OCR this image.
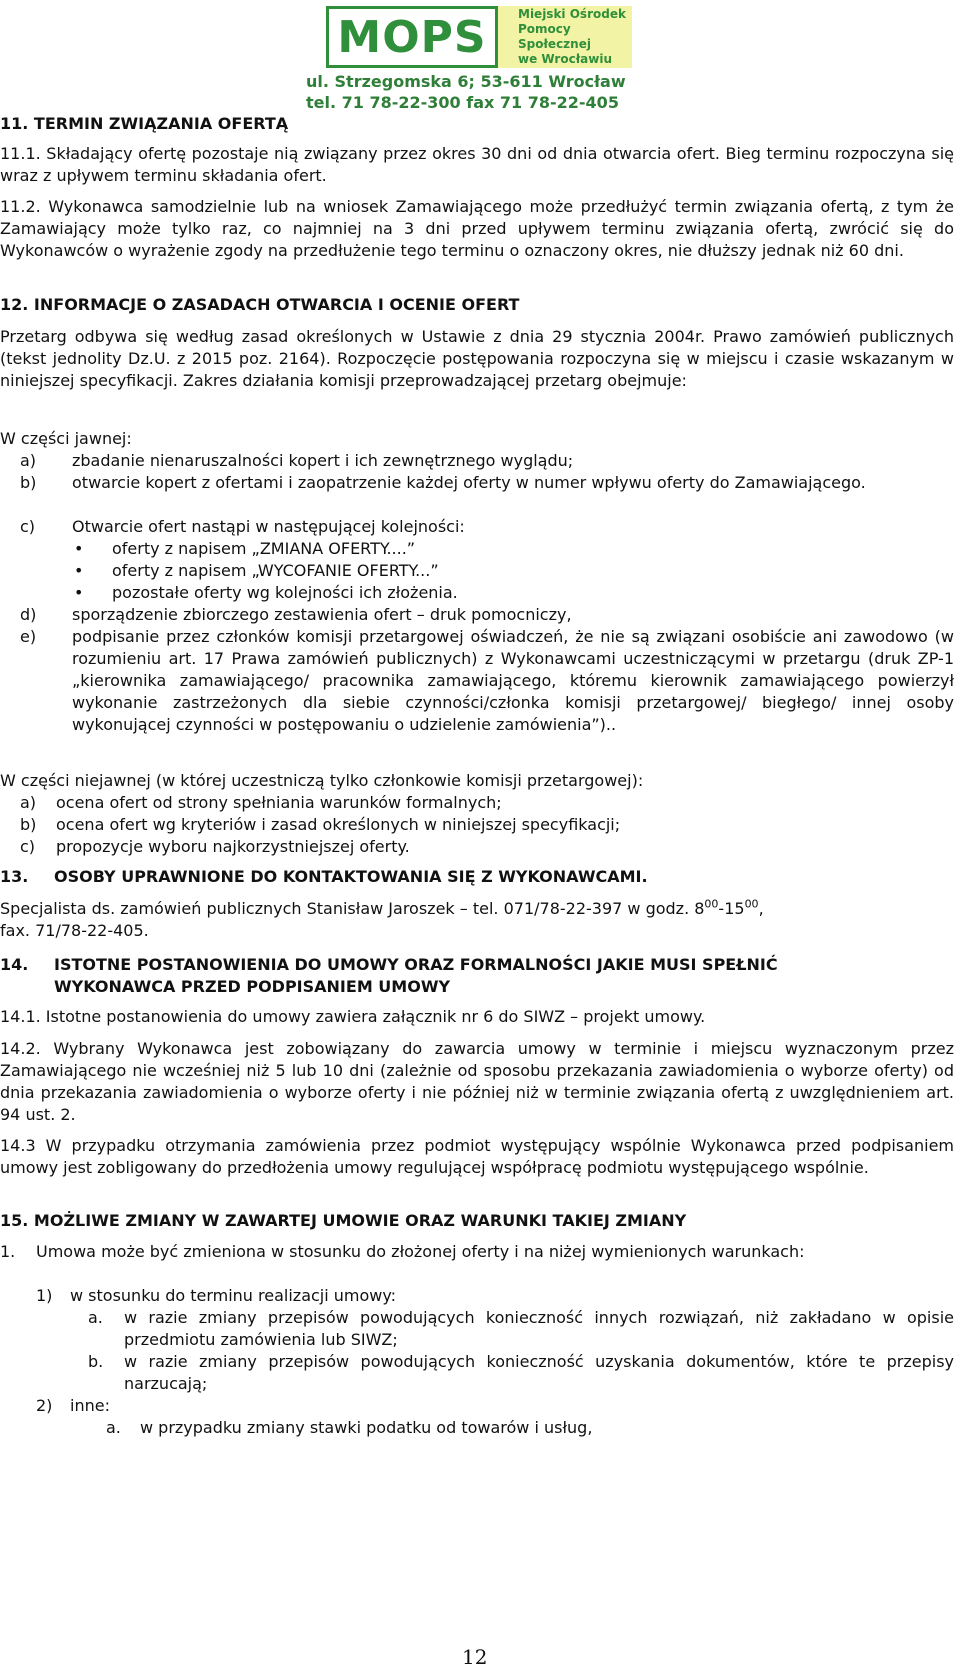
MOPS	Miejski Ośrodek
Pomocy Społecznej
we Wrocławiu
ul. Strzegomska 6; 53-611 Wrocław
tel. 71 78-22-300 fax 71 78-22-405
11. TERMIN ZWIĄZANIA OFERTĄ
11.1. Składający ofertę pozostaje nią związany przez okres 30 dni od dnia otwarcia ofert. Bieg terminu rozpoczyna się wraz z upływem terminu składania ofert.
11.2. Wykonawca samodzielnie lub na wniosek Zamawiającego może przedłużyć termin związania ofertą, z tym że Zamawiający może tylko raz, co najmniej na 3 dni przed upływem terminu związania ofertą, zwrócić się do Wykonawców o wyrażenie zgody na przedłużenie tego terminu o oznaczony okres, nie dłuższy jednak niż 60 dni.
12. INFORMACJE O ZASADACH OTWARCIA I OCENIE OFERT
Przetarg odbywa się według zasad określonych w Ustawie z dnia 29 stycznia 2004r. Prawo zamówień publicznych (tekst jednolity Dz.U. z 2015 poz. 2164). Rozpoczęcie postępowania rozpoczyna się w miejscu i czasie wskazanym w niniejszej specyfikacji. Zakres działania komisji przeprowadzającej przetarg obejmuje:
W części jawnej:
a) zbadanie nienaruszalności kopert i ich zewnętrznego wyglądu;
b) otwarcie kopert z ofertami i zaopatrzenie każdej oferty w numer wpływu oferty do Zamawiającego.
c) Otwarcie ofert nastąpi w następującej kolejności:
• oferty z napisem „ZMIANA OFERTY....”
• oferty z napisem „WYCOFANIE OFERTY...”
• pozostałe oferty wg kolejności ich złożenia.
d) sporządzenie zbiorczego zestawienia ofert – druk pomocniczy,
e) podpisanie przez członków komisji przetargowej oświadczeń, że nie są związani osobiście ani zawodowo (w rozumieniu art. 17 Prawa zamówień publicznych) z Wykonawcami uczestniczącymi w przetargu (druk ZP-1 „kierownika zamawiającego/ pracownika zamawiającego, któremu kierownik zamawiającego powierzył wykonanie zastrzeżonych dla siebie czynności/członka komisji przetargowej/ biegłego/ innej osoby wykonującej czynności w postępowaniu o udzielenie zamówienia”)..
W części niejawnej (w której uczestniczą tylko członkowie komisji przetargowej):
a) ocena ofert od strony spełniania warunków formalnych;
b) ocena ofert wg kryteriów i zasad określonych w niniejszej specyfikacji;
c) propozycje wyboru najkorzystniejszej oferty.
13. OSOBY UPRAWNIONE DO KONTAKTOWANIA SIĘ Z WYKONAWCAMI.
Specjalista ds. zamówień publicznych Stanisław Jaroszek – tel. 071/78-22-397 w godz. $8^{00}-15^{00}$,
fax. 71/78-22-405.
14. ISTOTNE POSTANOWIENIA DO UMOWY ORAZ FORMALNOŚCI JAKIE MUSI SPEŁNIĆ
WYKONAWCA PRZED PODPISANIEM UMOWY
14.1. Istotne postanowienia do umowy zawiera załącznik nr 6 do SIWZ – projekt umowy.
14.2. Wybrany Wykonawca jest zobowiązany do zawarcia umowy w terminie i miejscu wyznaczonym przez Zamawiającego nie wcześniej niż 5 lub 10 dni (zależnie od sposobu przekazania zawiadomienia o wyborze oferty) od dnia przekazania zawiadomienia o wyborze oferty i nie później niż w terminie związania ofertą z uwzględnieniem art. 94 ust. 2.
14.3 W przypadku otrzymania zamówienia przez podmiot występujący wspólnie Wykonawca przed podpisaniem umowy jest zobligowany do przedłożenia umowy regulującej współpracę podmiotu występującego wspólnie.
15. MOŻLIWE ZMIANY W ZAWARTEJ UMOWIE ORAZ WARUNKI TAKIEJ ZMIANY
1. Umowa może być zmieniona w stosunku do złożonej oferty i na niżej wymienionych warunkach:
1) w stosunku do terminu realizacji umowy:
a. w razie zmiany przepisów powodujących konieczność innych rozwiązań, niż zakładano w opisie przedmiotu zamówienia lub SIWZ;
b. w razie zmiany przepisów powodujących konieczność uzyskania dokumentów, które te przepisy narzucają;
2) inne:
a. w przypadku zmiany stawki podatku od towarów i usług,
12
